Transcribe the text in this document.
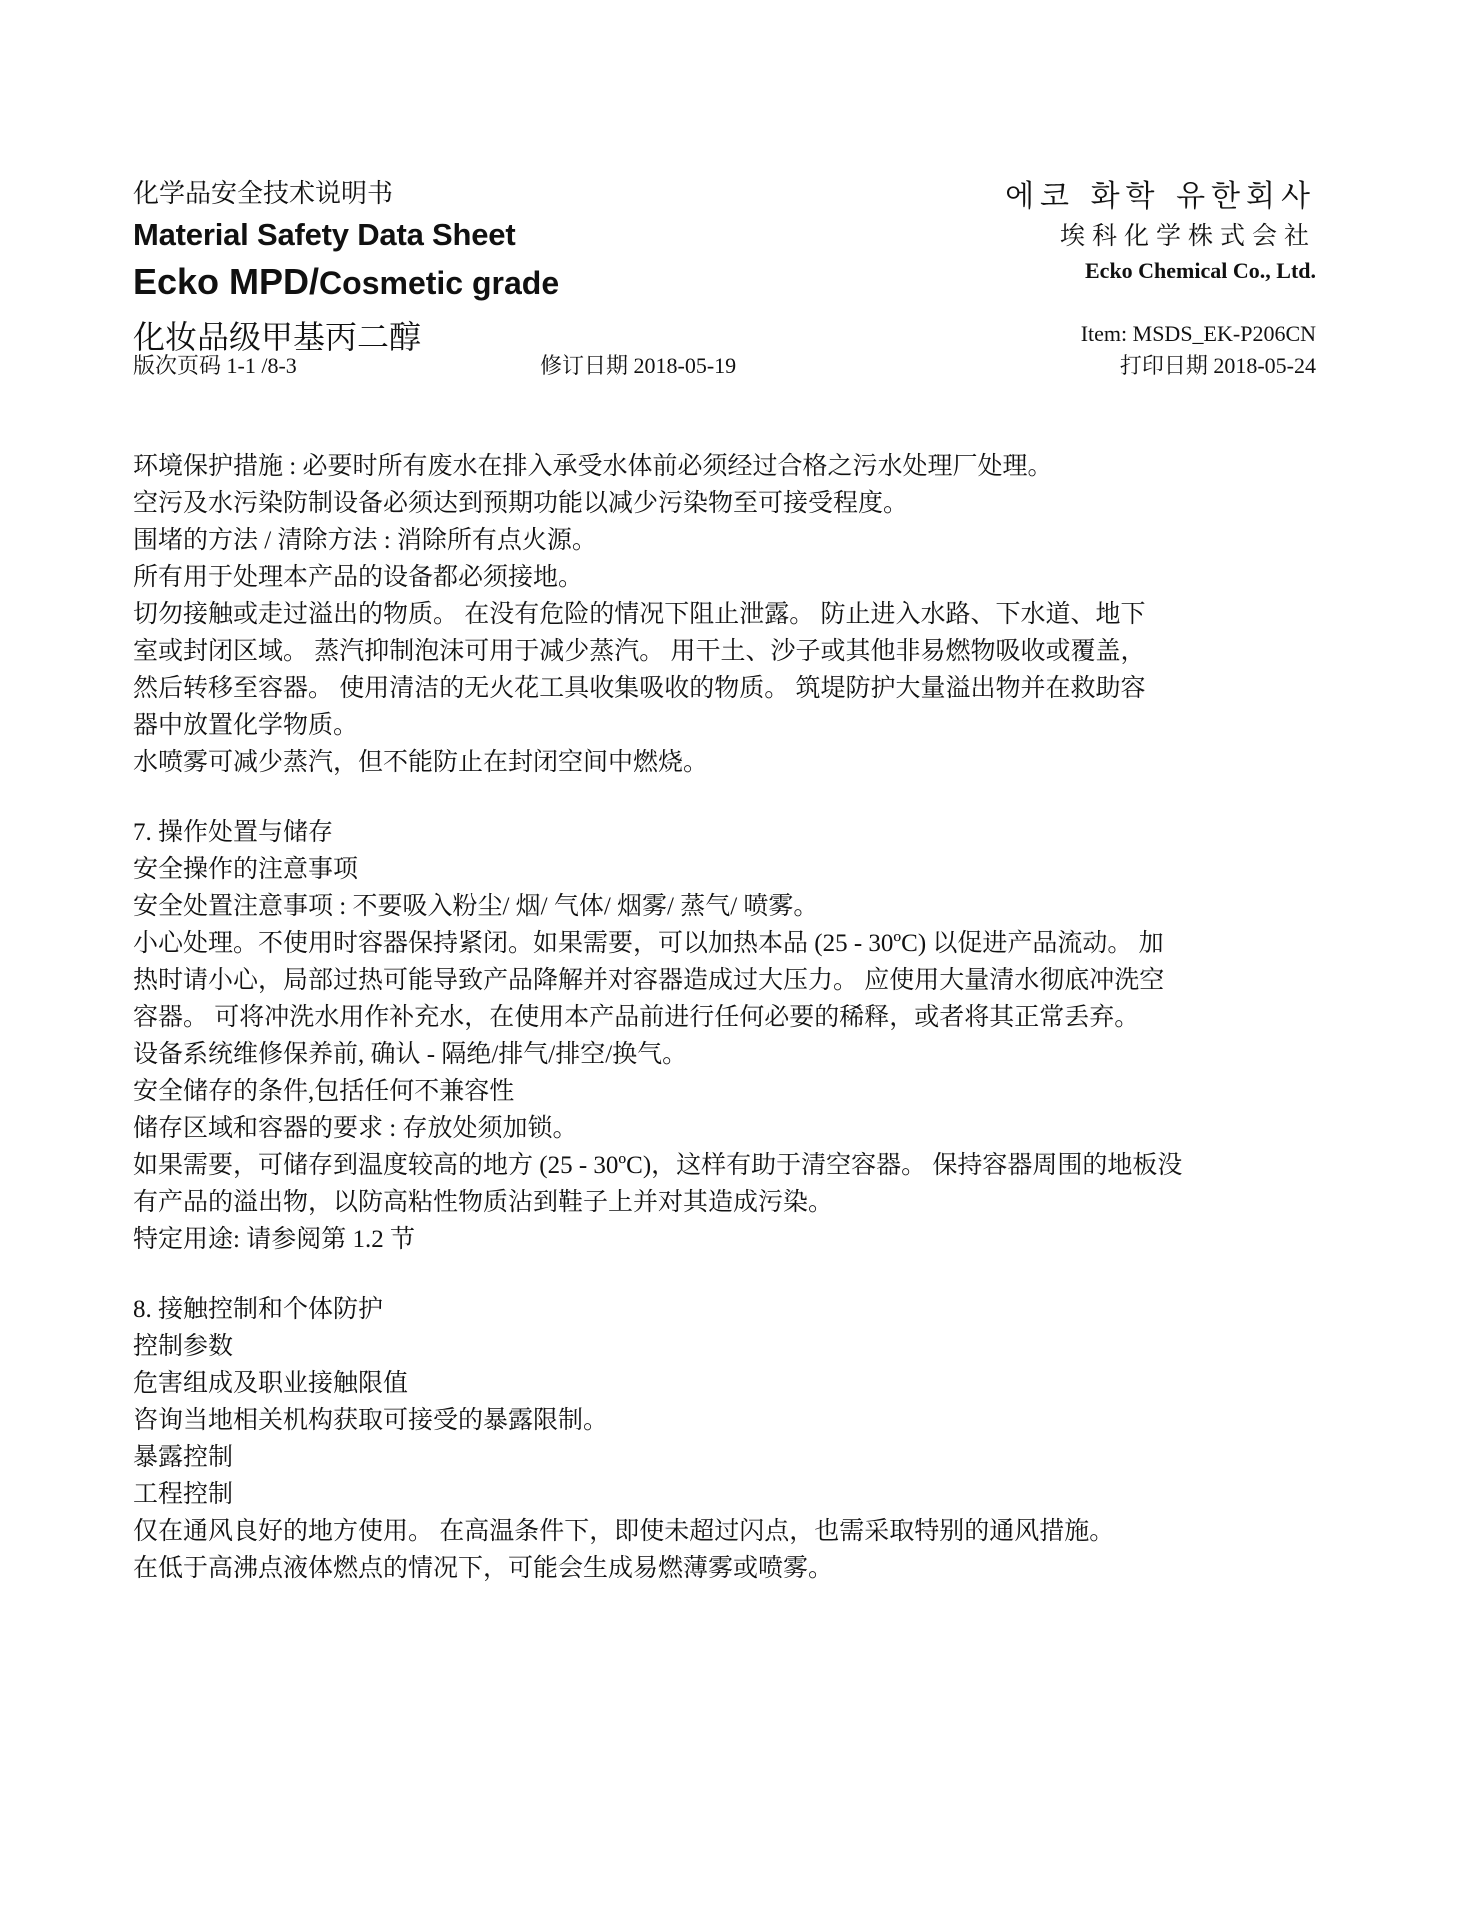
化学品安全技术说明书
Material Safety Data Sheet
Ecko MPD/Cosmetic grade
化妆品级甲基丙二醇
에코 화학 유한회사
埃科化学株式会社
Ecko Chemical Co., Ltd.
Item: MSDS_EK-P206CN
版次页码 1-1 /8-3	修订日期 2018-05-19	打印日期 2018-05-24
环境保护措施 : 必要时所有废水在排入承受水体前必须经过合格之污水处理厂处理。
空污及水污染防制设备必须达到预期功能以减少污染物至可接受程度。
围堵的方法 / 清除方法 : 消除所有点火源。
所有用于处理本产品的设备都必须接地。
切勿接触或走过溢出的物质。 在没有危险的情况下阻止泄露。 防止进入水路、下水道、地下
室或封闭区域。 蒸汽抑制泡沫可用于减少蒸汽。 用干土、沙子或其他非易燃物吸收或覆盖，
然后转移至容器。 使用清洁的无火花工具收集吸收的物质。 筑堤防护大量溢出物并在救助容
器中放置化学物质。
水喷雾可减少蒸汽，但不能防止在封闭空间中燃烧。
7. 操作处置与储存
安全操作的注意事项
安全处置注意事项 : 不要吸入粉尘/ 烟/ 气体/ 烟雾/ 蒸气/ 喷雾。
小心处理。不使用时容器保持紧闭。如果需要，可以加热本品 (25 - 30ºC) 以促进产品流动。 加
热时请小心，局部过热可能导致产品降解并对容器造成过大压力。 应使用大量清水彻底冲洗空
容器。 可将冲洗水用作补充水，在使用本产品前进行任何必要的稀释，或者将其正常丢弃。
设备系统维修保养前, 确认 - 隔绝/排气/排空/换气。
安全储存的条件,包括任何不兼容性
储存区域和容器的要求 : 存放处须加锁。
如果需要，可储存到温度较高的地方 (25 - 30ºC)，这样有助于清空容器。 保持容器周围的地板没
有产品的溢出物，以防高粘性物质沾到鞋子上并对其造成污染。
特定用途: 请参阅第 1.2 节
8. 接触控制和个体防护
控制参数
危害组成及职业接触限值
咨询当地相关机构获取可接受的暴露限制。
暴露控制
工程控制
仅在通风良好的地方使用。 在高温条件下，即使未超过闪点，也需采取特别的通风措施。
在低于高沸点液体燃点的情况下，可能会生成易燃薄雾或喷雾。
